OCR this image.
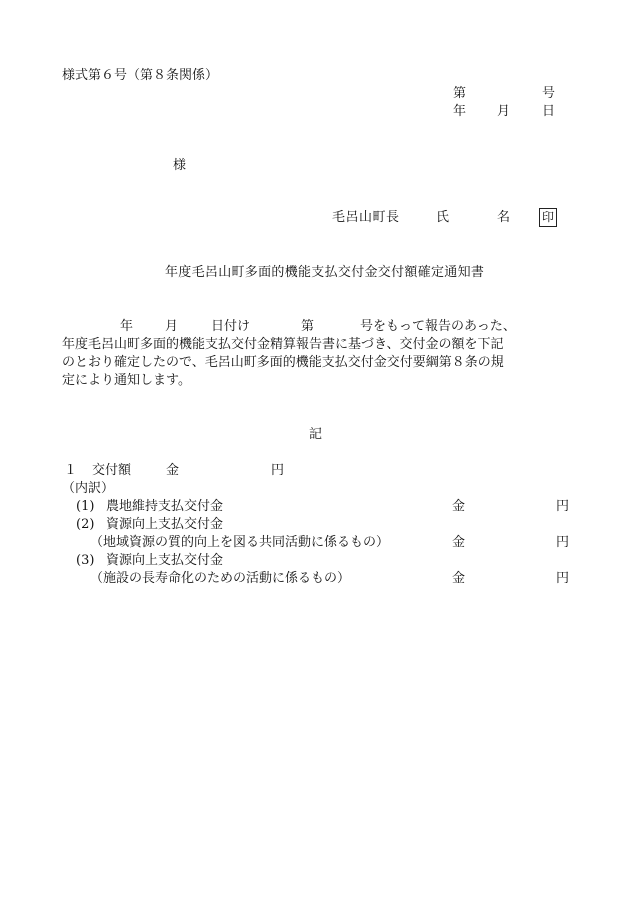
様式第６号（第８条関係）
第	号
年 月 日
様
毛呂山町長	氏	名	印
年度毛呂山町多面的機能支払交付金交付額確定通知書
年 月	日付け	第	号をもって報告のあった、
年度毛呂山町多面的機能支払交付金精算報告書に基づき、交付金の額を下記
のとおり確定したので、毛呂山町多面的機能支払交付金交付要綱第８条の規
定により通知します。
記
１ 交付額	金	円
（内訳）
(1) 農地維持支払交付金	金	円
(2) 資源向上支払交付金
（地域資源の質的向上を図る共同活動に係るもの）	金	円
(3) 資源向上支払交付金
（施設の長寿命化のための活動に係るもの）	金	円
